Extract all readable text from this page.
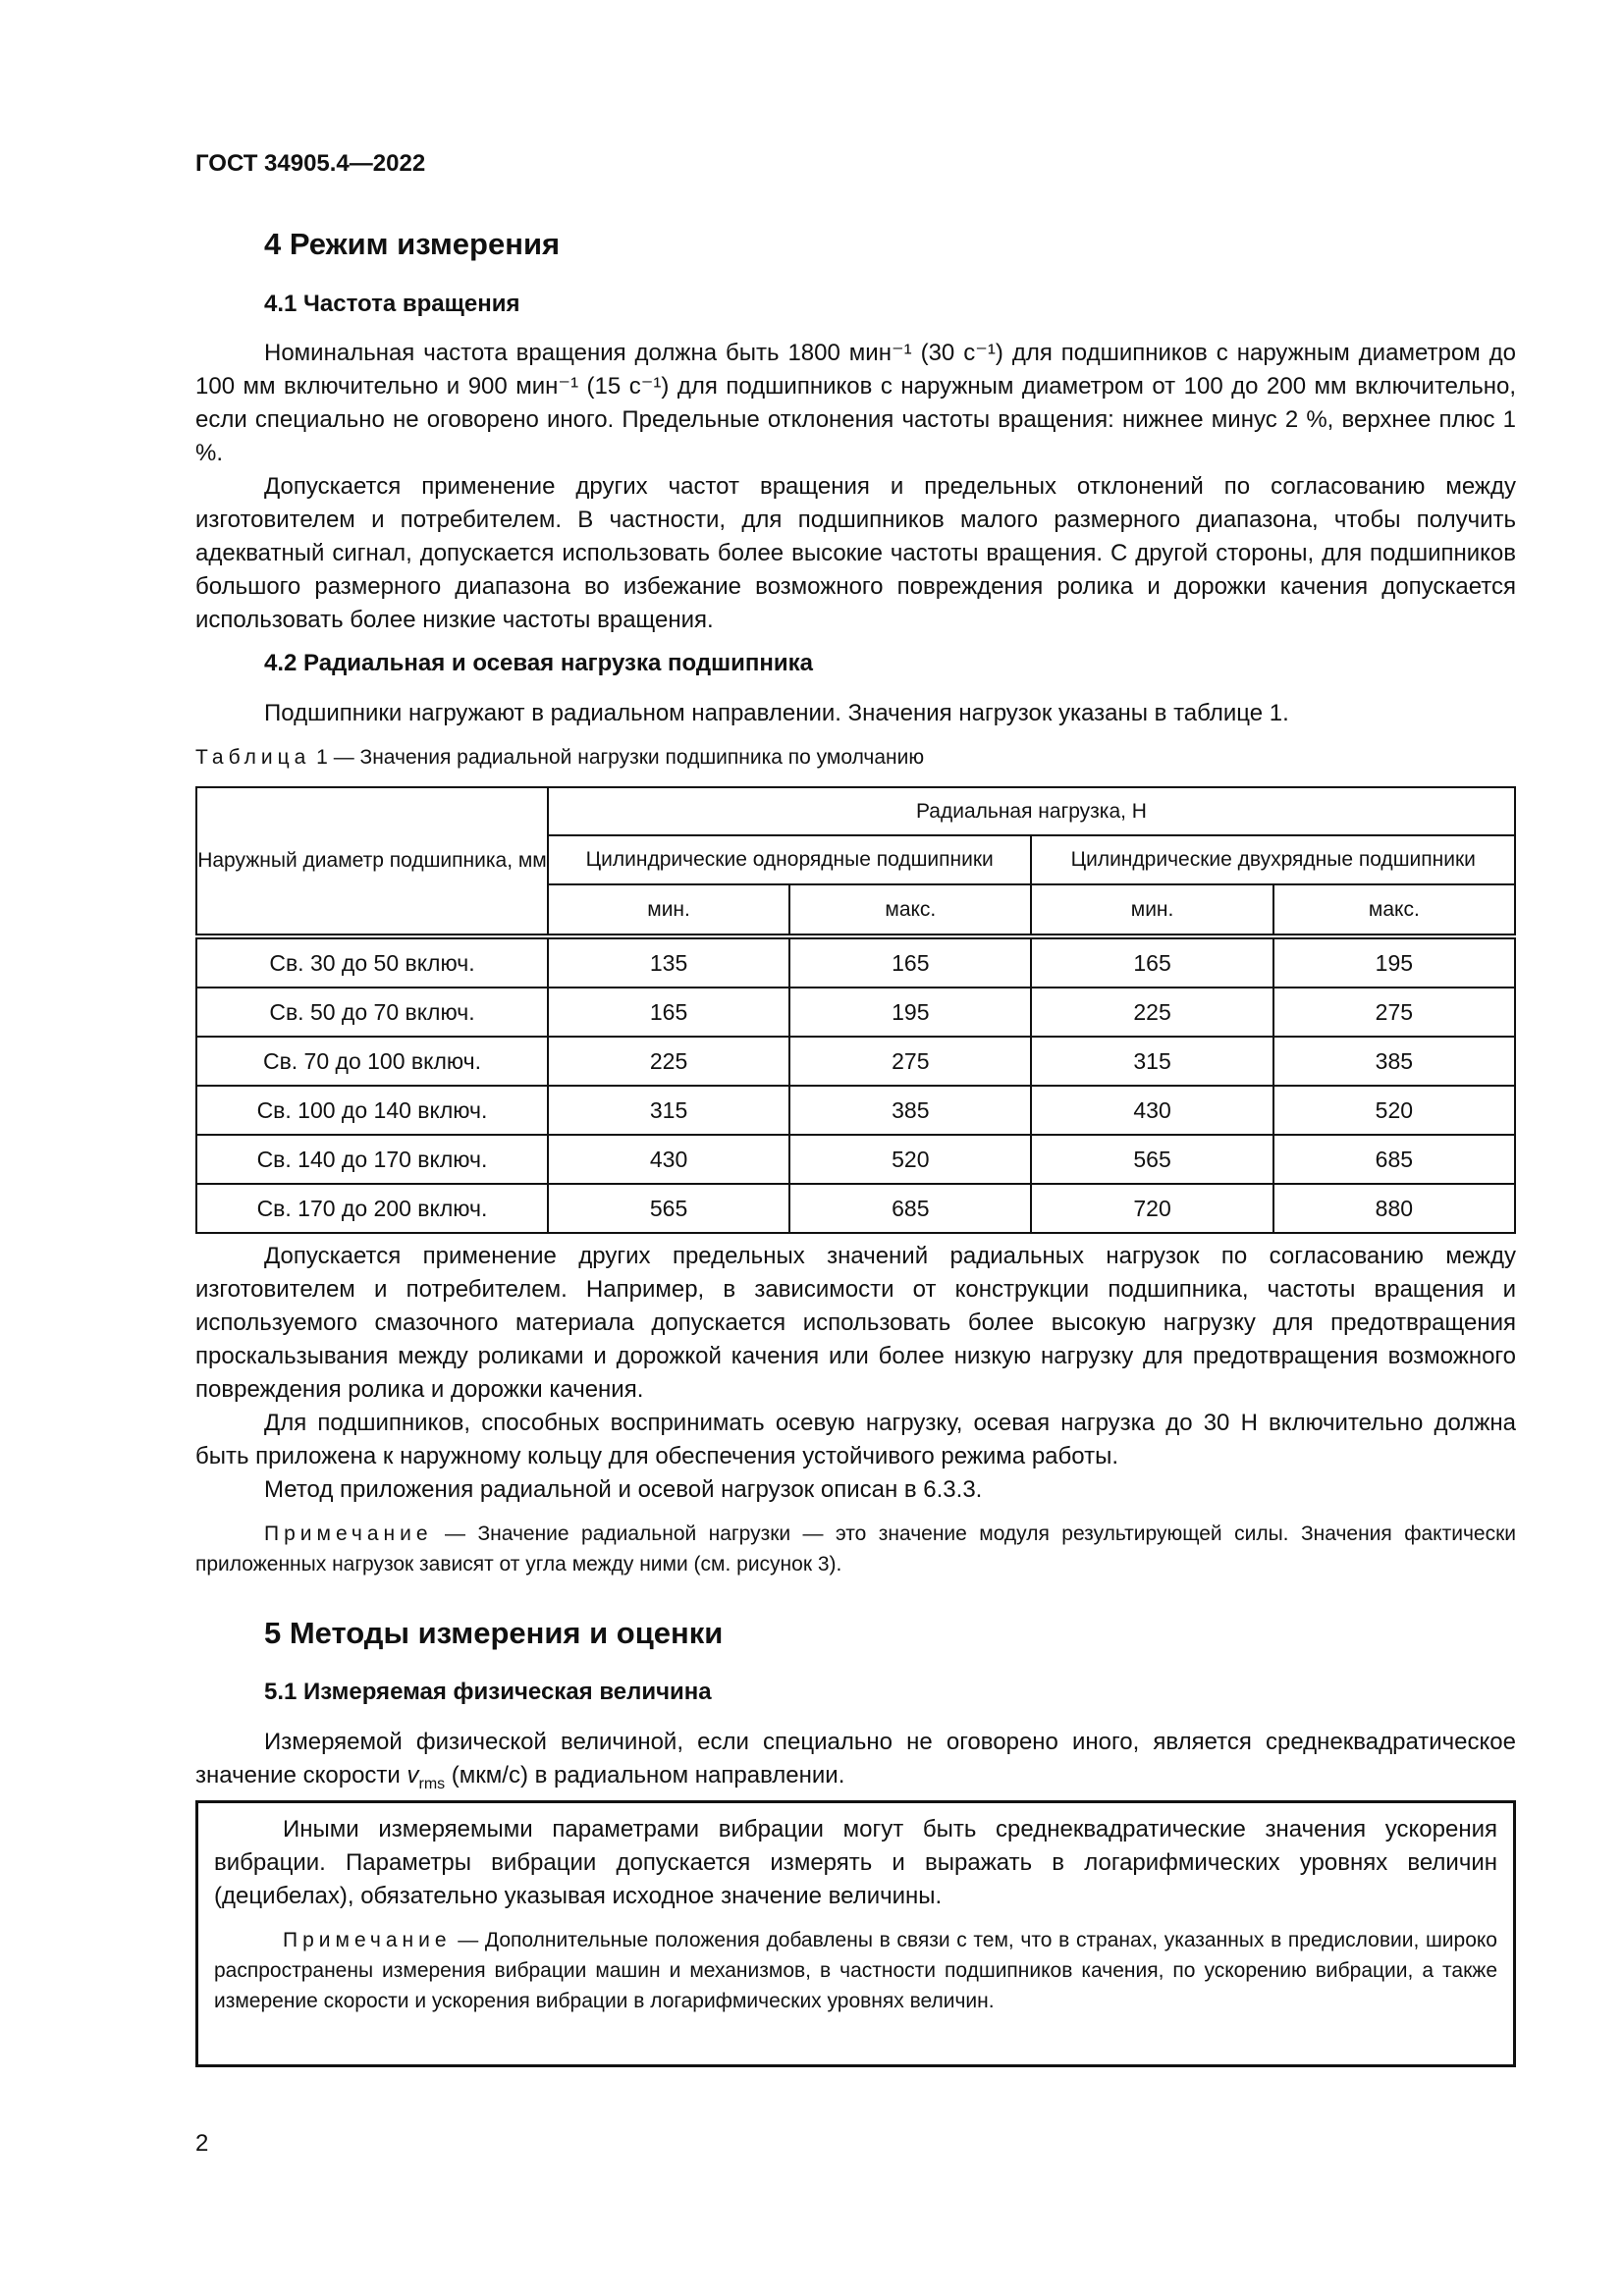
ГОСТ 34905.4—2022
4 Режим измерения
4.1 Частота вращения

Номинальная частота вращения должна быть 1800 мин⁻¹ (30 с⁻¹) для подшипников с наружным диаметром до 100 мм включительно и 900 мин⁻¹ (15 с⁻¹) для подшипников с наружным диаметром от 100 до 200 мм включительно, если специально не оговорено иного. Предельные отклонения частоты вращения: нижнее минус 2 %, верхнее плюс 1 %.

Допускается применение других частот вращения и предельных отклонений по согласованию между изготовителем и потребителем. В частности, для подшипников малого размерного диапазона, чтобы получить адекватный сигнал, допускается использовать более высокие частоты вращения. С другой стороны, для подшипников большого размерного диапазона во избежание возможного повреждения ролика и дорожки качения допускается использовать более низкие частоты вращения.

4.2 Радиальная и осевая нагрузка подшипника

Подшипники нагружают в радиальном направлении. Значения нагрузок указаны в таблице 1.

Таблица 1 — Значения радиальной нагрузки подшипника по умолчанию
Наружный диаметр подшипника, мм	Радиальная нагрузка, Н			
	Цилиндрические однорядные подшипники		Цилиндрические двухрядные подшипники	
	мин.	макс.	мин.	макс.
Св. 30 до 50 включ.	135	165	165	195
Св. 50 до 70 включ.	165	195	225	275
Св. 70 до 100 включ.	225	275	315	385
Св. 100 до 140 включ.	315	385	430	520
Св. 140 до 170 включ.	430	520	565	685
Св. 170 до 200 включ.	565	685	720	880

Допускается применение других предельных значений радиальных нагрузок по согласованию между изготовителем и потребителем. Например, в зависимости от конструкции подшипника, частоты вращения и используемого смазочного материала допускается использовать более высокую нагрузку для предотвращения проскальзывания между роликами и дорожкой качения или более низкую нагрузку для предотвращения возможного повреждения ролика и дорожки качения.

Для подшипников, способных воспринимать осевую нагрузку, осевая нагрузка до 30 Н включительно должна быть приложена к наружному кольцу для обеспечения устойчивого режима работы.

Метод приложения радиальной и осевой нагрузок описан в 6.3.3.

Примечание — Значение радиальной нагрузки — это значение модуля результирующей силы. Значения фактически приложенных нагрузок зависят от угла между ними (см. рисунок 3).

5 Методы измерения и оценки
5.1 Измеряемая физическая величина

Измеряемой физической величиной, если специально не оговорено иного, является среднеквадратическое значение скорости $v_{rms}$ (мкм/с) в радиальном направлении.

Иными измеряемыми параметрами вибрации могут быть среднеквадратические значения ускорения вибрации. Параметры вибрации допускается измерять и выражать в логарифмических уровнях величин (децибелах), обязательно указывая исходное значение величины.

Примечание — Дополнительные положения добавлены в связи с тем, что в странах, указанных в предисловии, широко распространены измерения вибрации машин и механизмов, в частности подшипников качения, по ускорению вибрации, а также измерение скорости и ускорения вибрации в логарифмических уровнях величин.

2
